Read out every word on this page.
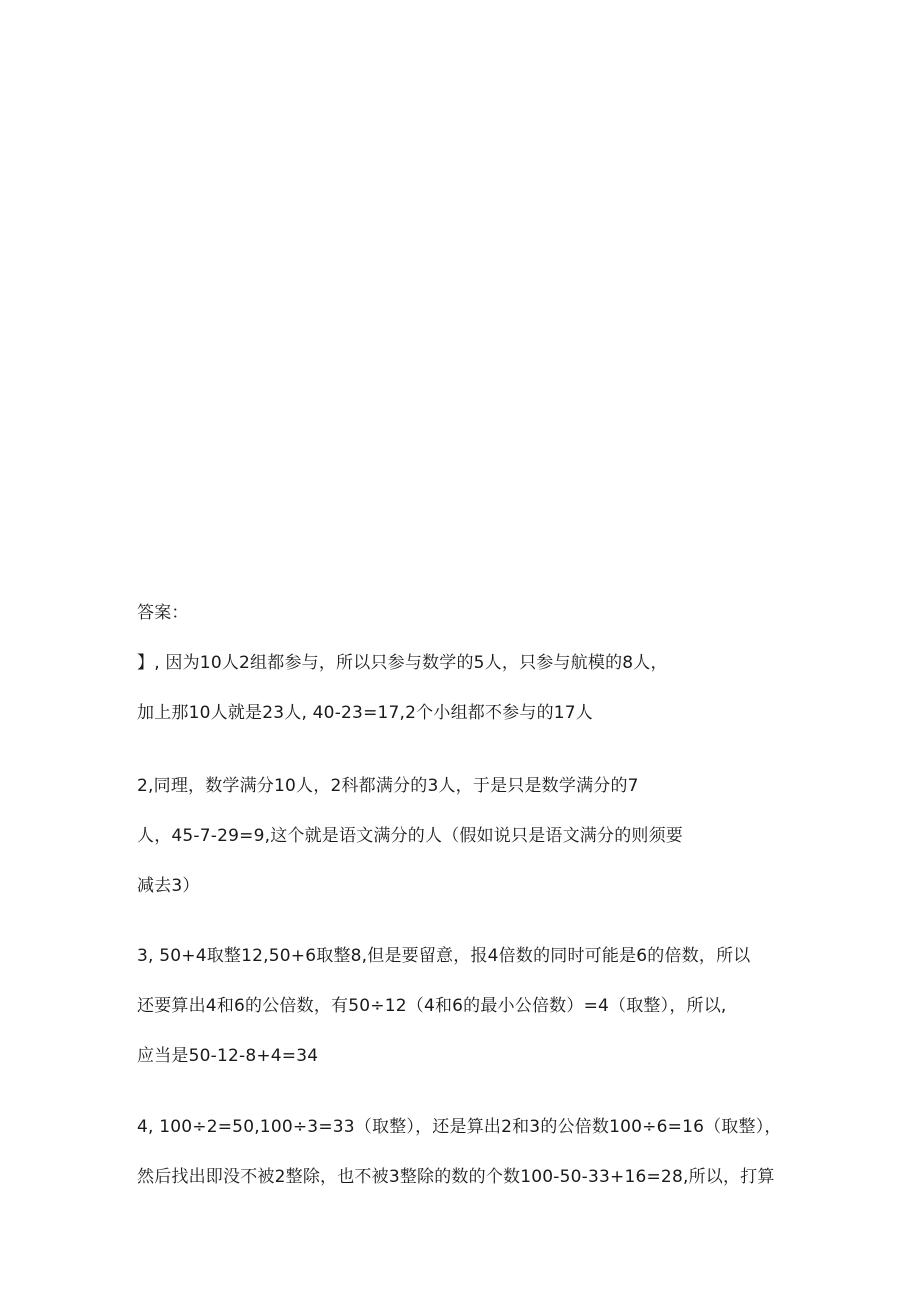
答案：
】, 因为10人2组都参与，所以只参与数学的5人，只参与航模的8人，
加上那10人就是23人, 40-23=17,2个小组都不参与的17人
2,同理，数学满分10人，2科都满分的3人，于是只是数学满分的7
人，45-7-29=9,这个就是语文满分的人（假如说只是语文满分的则须要
减去3）
3, 50+4取整12,50+6取整8,但是要留意，报4倍数的同时可能是6的倍数，所以
还要算出4和6的公倍数，有50÷12（4和6的最小公倍数）=4（取整），所以,
应当是50-12-8+4=34
4, 100÷2=50,100÷3=33（取整），还是算出2和3的公倍数100÷6=16（取整），
然后找出即没不被2整除，也不被3整除的数的个数100-50-33+16=28,所以，打算
